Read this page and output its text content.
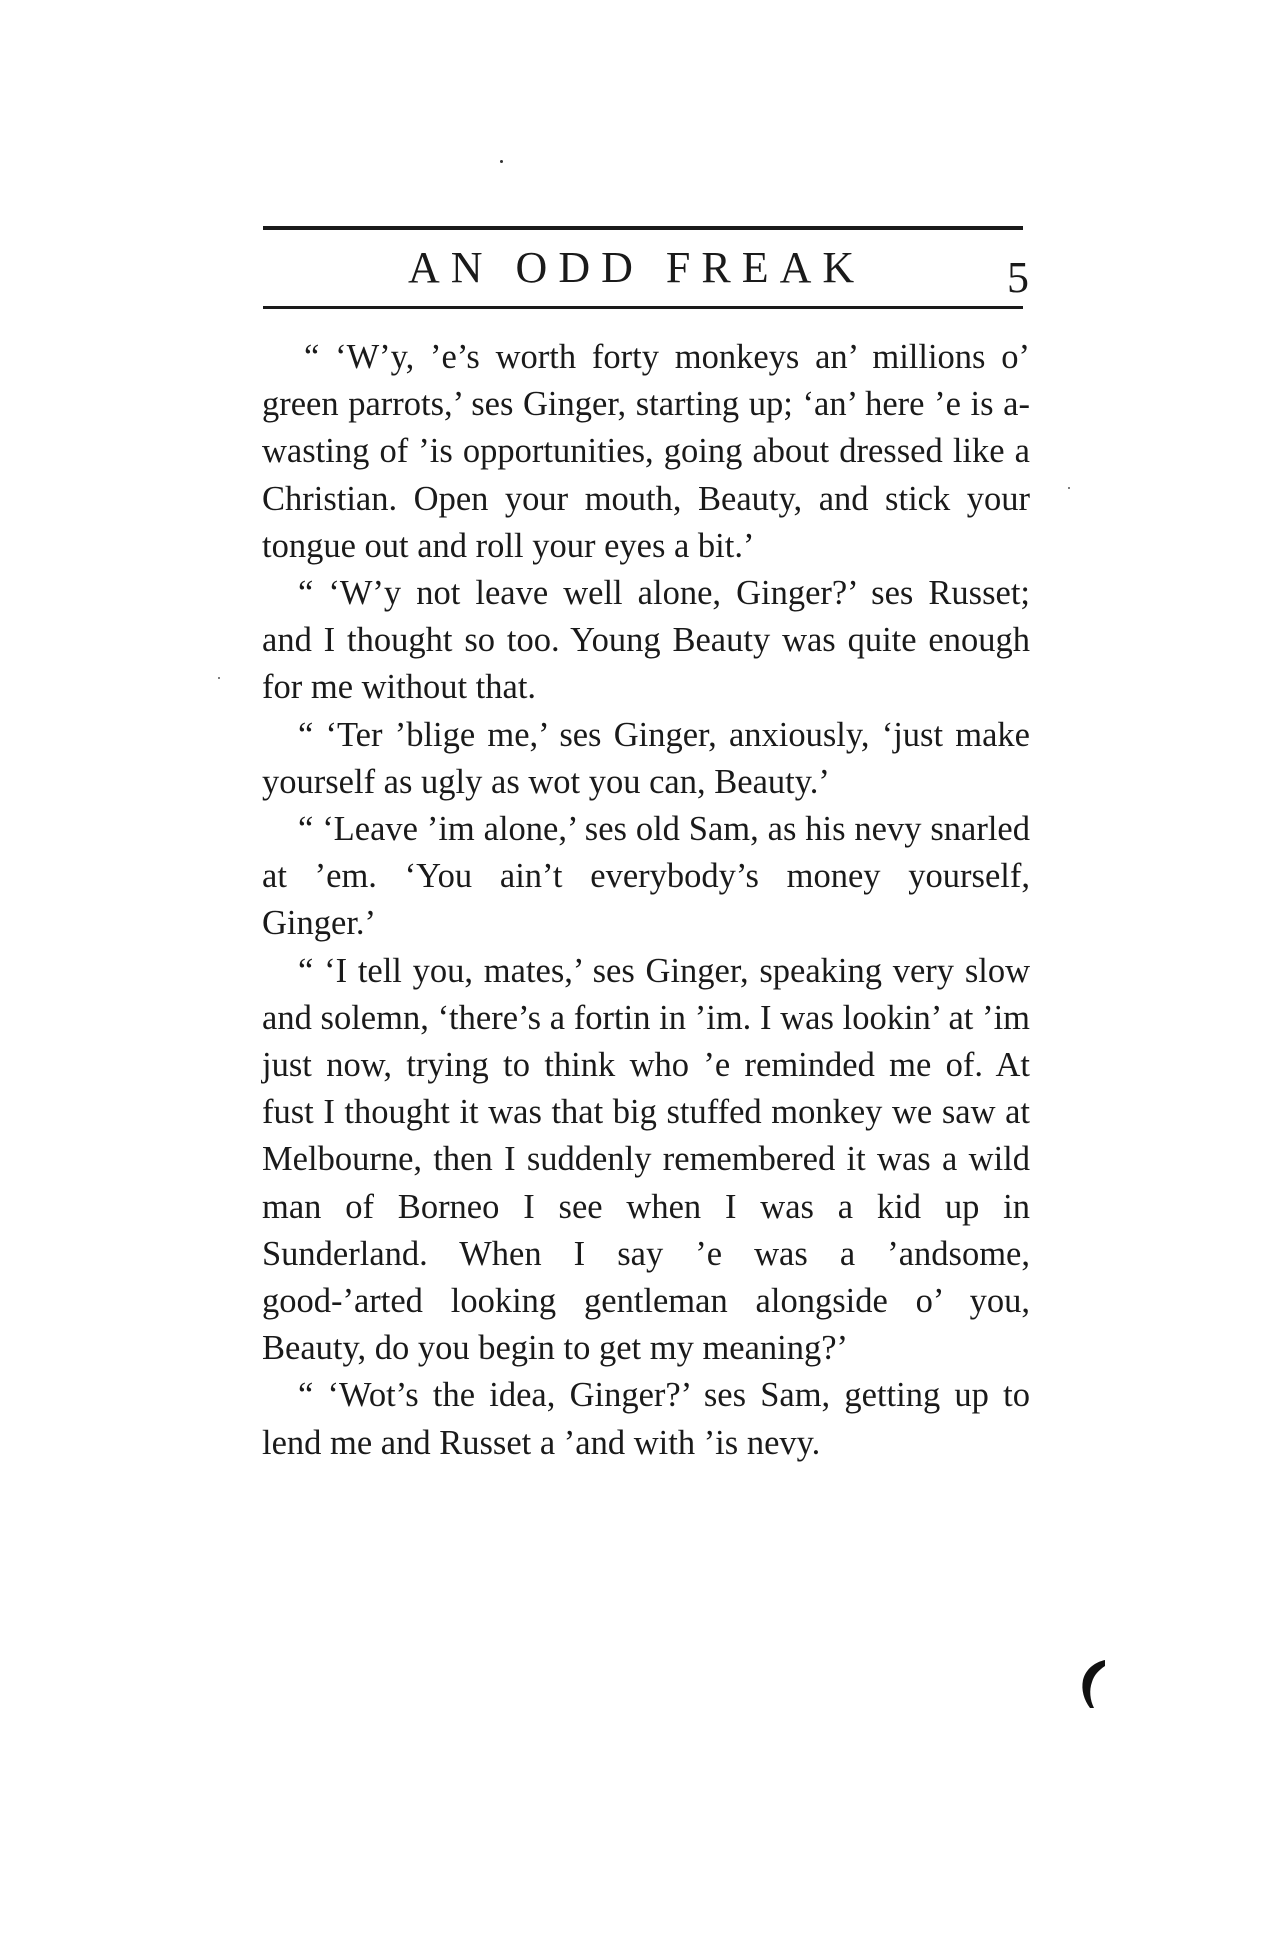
AN ODD FREAK	5

“ ‘W’y, ’e’s worth forty monkeys an’ millions o’ green parrots,’ ses Ginger, starting up; ‘an’ here ’e is a-wasting of ’is opportunities, going about dressed like a Christian. Open your mouth, Beauty, and stick your tongue out and roll your eyes a bit.’

“ ‘W’y not leave well alone, Ginger?’ ses Russet; and I thought so too. Young Beauty was quite enough for me without that.

“ ‘Ter ’blige me,’ ses Ginger, anxiously, ‘just make yourself as ugly as wot you can, Beauty.’

“ ‘Leave ’im alone,’ ses old Sam, as his nevy snarled at ’em. ‘You ain’t everybody’s money yourself, Ginger.’

“ ‘I tell you, mates,’ ses Ginger, speaking very slow and solemn, ‘there’s a fortin in ’im. I was lookin’ at ’im just now, trying to think who ’e reminded me of. At fust I thought it was that big stuffed monkey we saw at Melbourne, then I suddenly remembered it was a wild man of Borneo I see when I was a kid up in Sunderland. When I say ’e was a ’andsome, good-’arted looking gentleman alongside o’ you, Beauty, do you begin to get my meaning?’

“ ‘Wot’s the idea, Ginger?’ ses Sam, getting up to lend me and Russet a ’and with ’is nevy.
